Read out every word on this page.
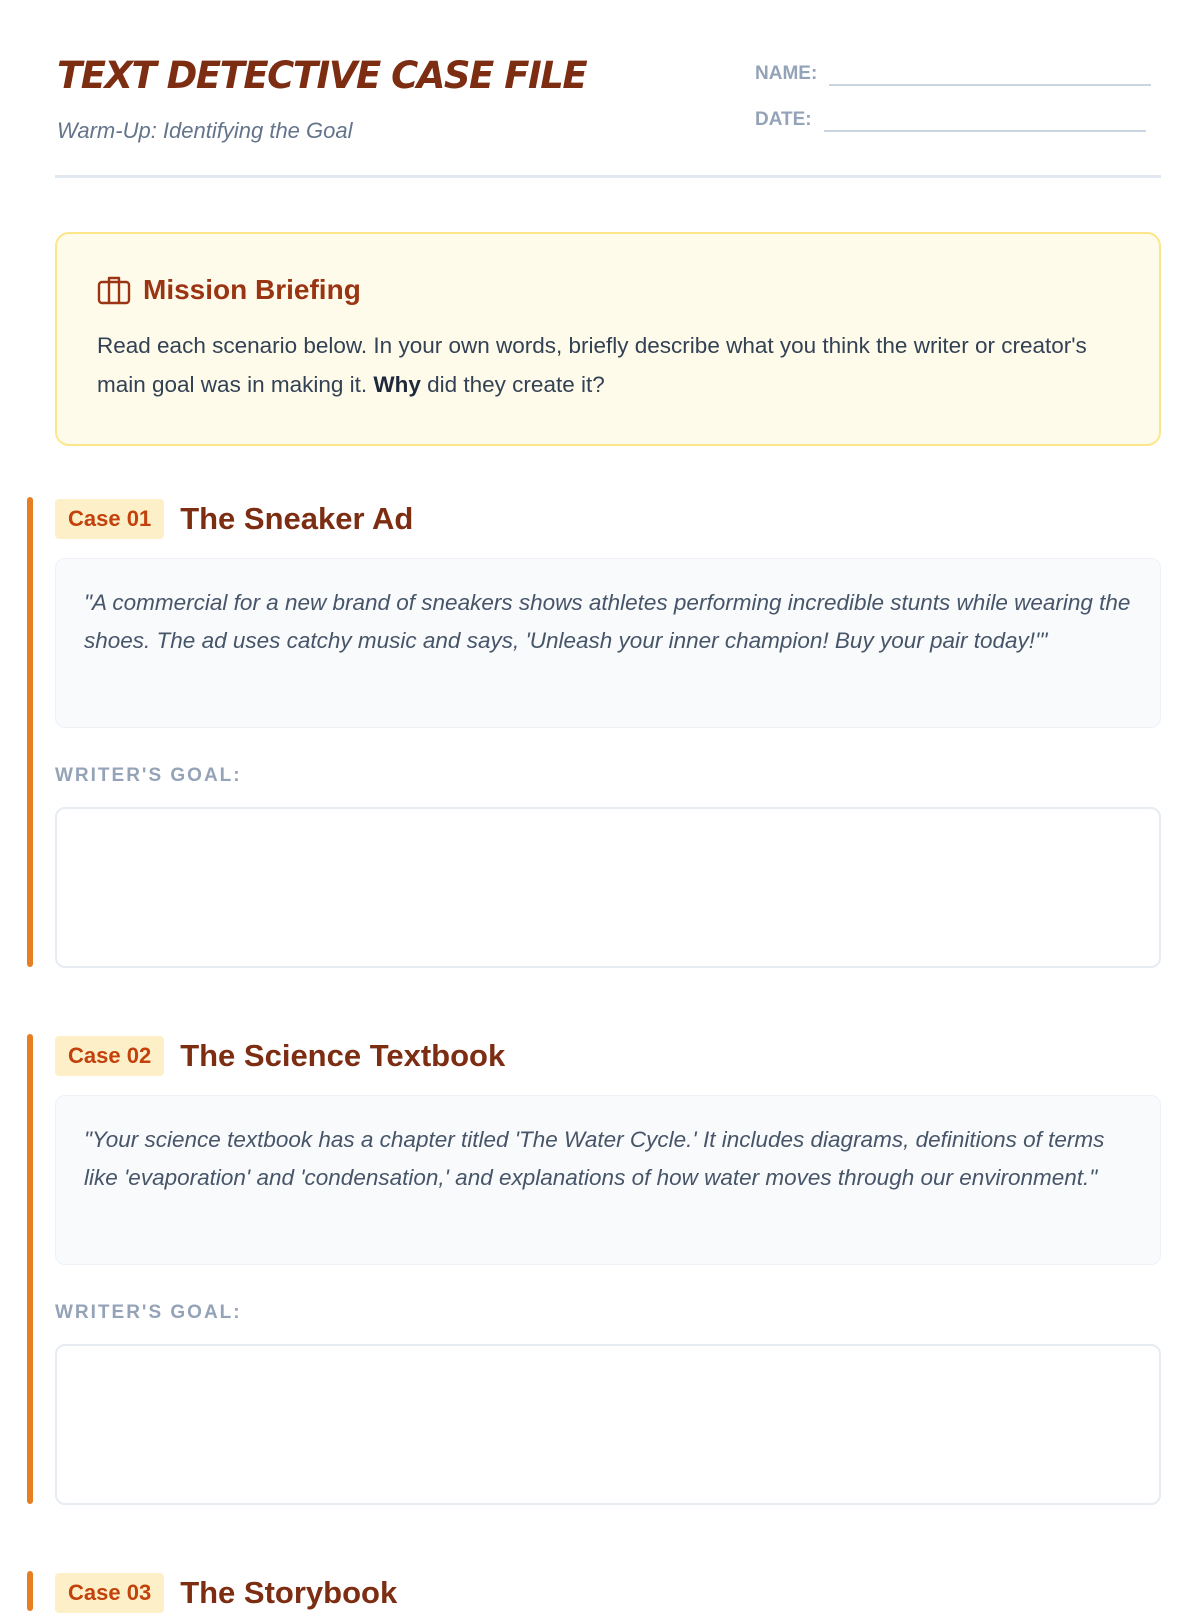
TEXT DETECTIVE CASE FILE
Warm-Up: Identifying the Goal
NAME:
DATE:
Mission Briefing
Read each scenario below. In your own words, briefly describe what you think the writer or creator's main goal was in making it. Why did they create it?
Case 01 The Sneaker Ad
"A commercial for a new brand of sneakers shows athletes performing incredible stunts while wearing the shoes. The ad uses catchy music and says, 'Unleash your inner champion! Buy your pair today!'"
WRITER'S GOAL:
Case 02 The Science Textbook
"Your science textbook has a chapter titled 'The Water Cycle.' It includes diagrams, definitions of terms like 'evaporation' and 'condensation,' and explanations of how water moves through our environment."
WRITER'S GOAL:
Case 03 The Storybook
